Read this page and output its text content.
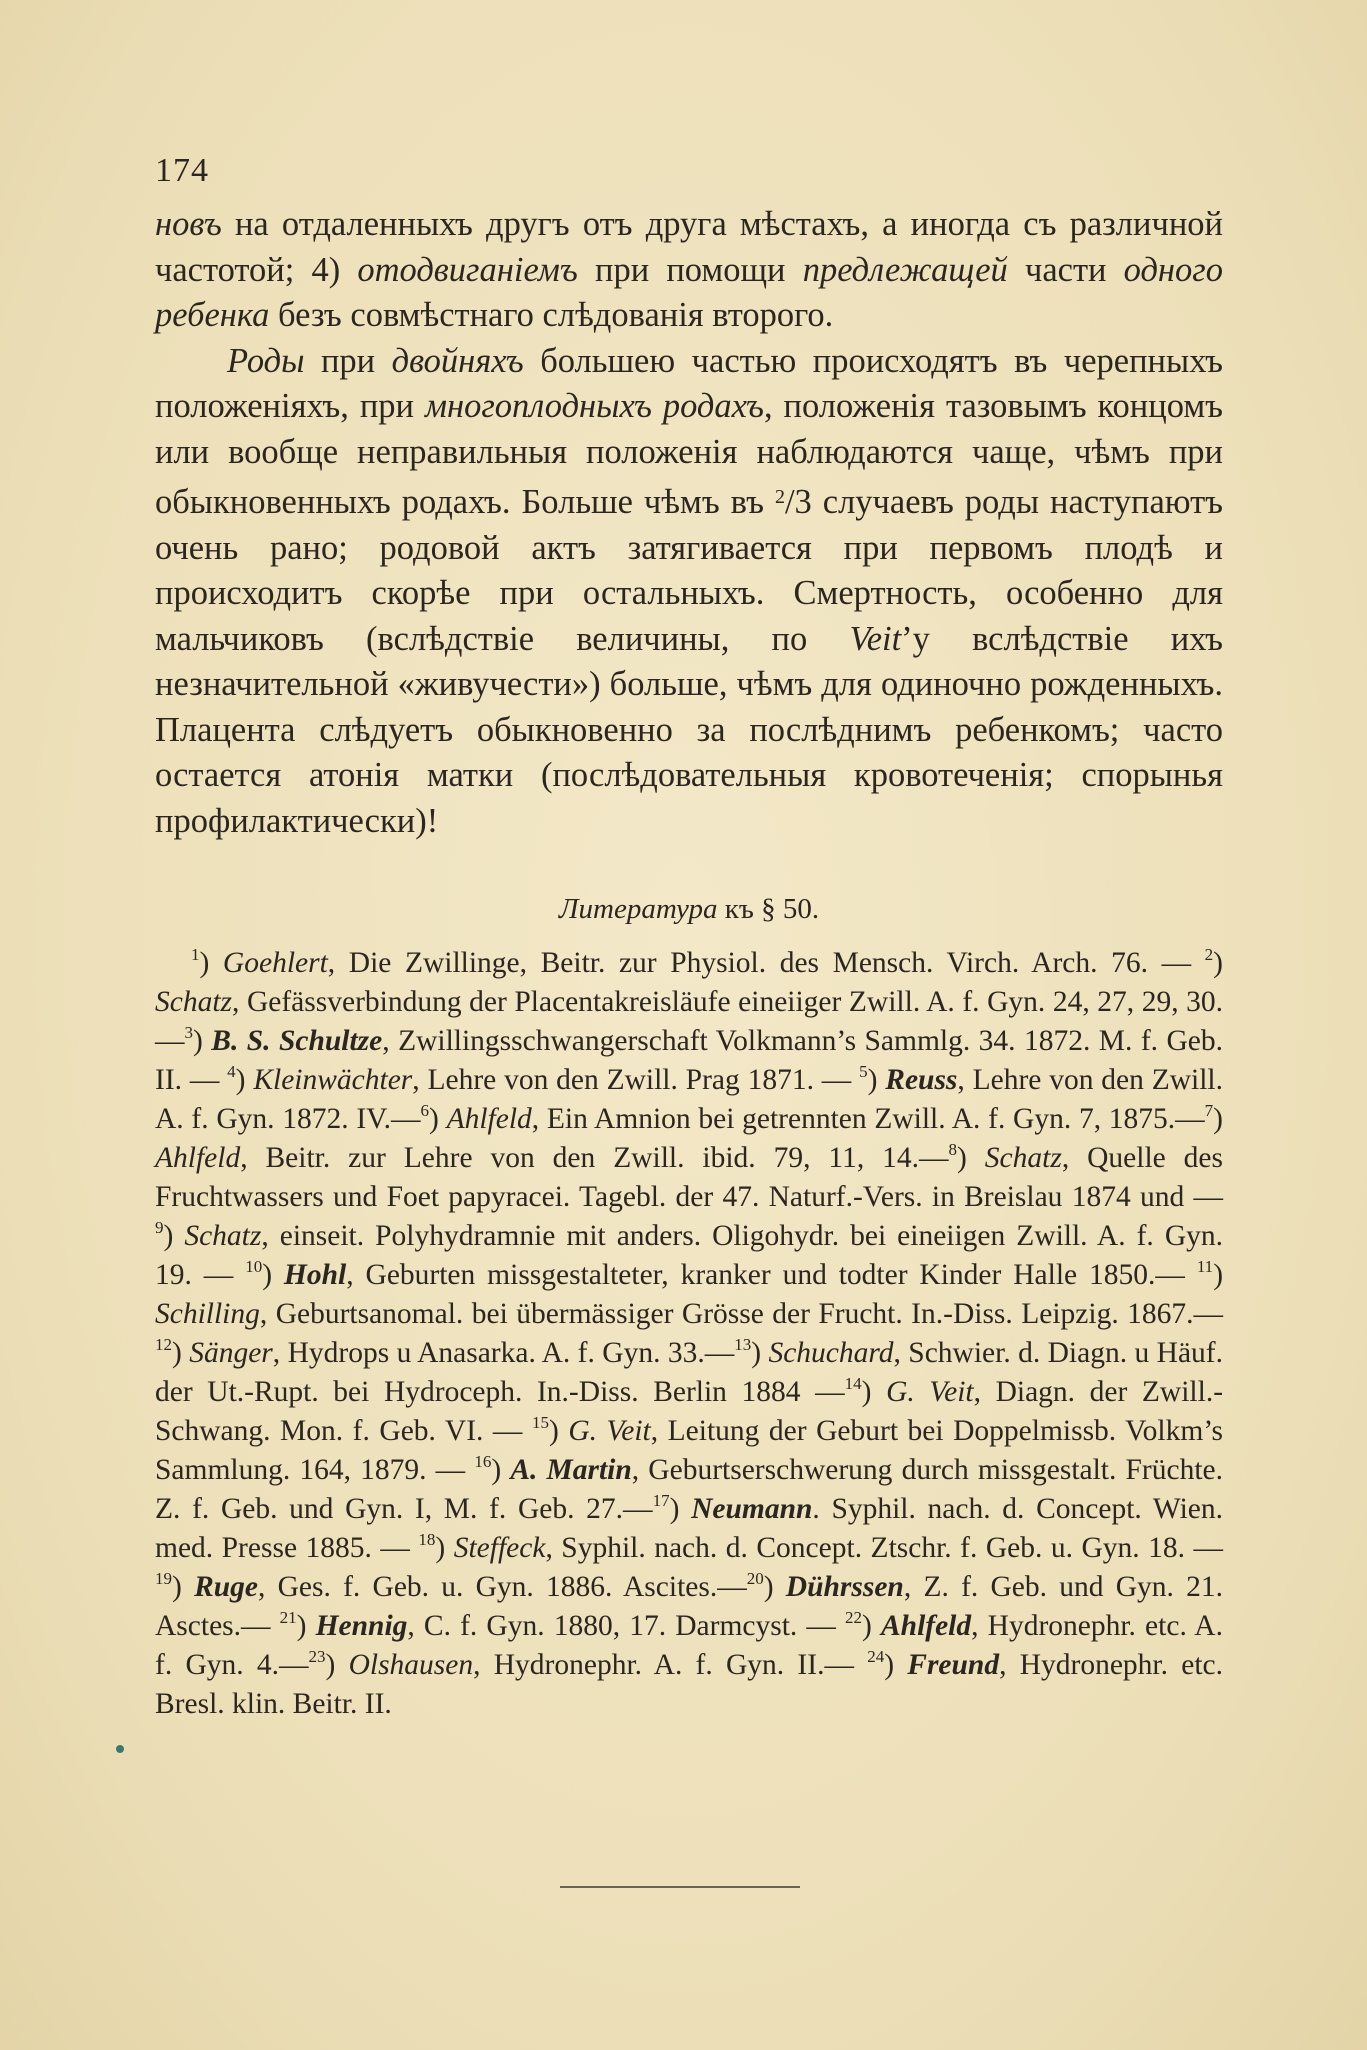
174

новъ на отдаленныхъ другъ отъ друга мѣстахъ, а иногда съ различной частотой; 4) отодвиганіемъ при помощи предлежащей части одного ребенка безъ совмѣстнаго слѣдованія второго.

Роды при двойняхъ большею частью происходятъ въ черепныхъ положеніяхъ, при многоплодныхъ родахъ, положенія тазовымъ концомъ или вообще неправильныя положенія наблюдаются чаще, чѣмъ при обыкновенныхъ родахъ. Больше чѣмъ въ $^2$/3 случаевъ роды наступаютъ очень рано; родовой актъ затягивается при первомъ плодѣ и происходитъ скорѣе при остальныхъ. Смертность, особенно для мальчиковъ (вслѣдствіе величины, по Veit’у вслѣдствіе ихъ незначительной «живучести») больше, чѣмъ для одиночно рожденныхъ. Плацента слѣдуетъ обыкновенно за послѣднимъ ребенкомъ; часто остается атонія матки (послѣдовательныя кровотеченія; спорынья профилактически)!

Литература къ § 50.

$^1$) Goehlert, Die Zwillinge, Beitr. zur Physiol. des Mensch. Virch. Arch. 76. — $^2$) Schatz, Gefässverbindung der Placentakreisläufe eineiiger Zwill. A. f. Gyn. 24, 27, 29, 30.—$^3$) B. S. Schultze, Zwillingsschwangerschaft Volkmann’s Sammlg. 34. 1872. M. f. Geb. II. — $^4$) Kleinwächter, Lehre von den Zwill. Prag 1871. — $^5$) Reuss, Lehre von den Zwill. A. f. Gyn. 1872. IV.—$^6$) Ahlfeld, Ein Amnion bei getrennten Zwill. A. f. Gyn. 7, 1875.—$^7$) Ahlfeld, Beitr. zur Lehre von den Zwill. ibid. 79, 11, 14.—$^8$) Schatz, Quelle des Fruchtwassers und Foet papyracei. Tagebl. der 47. Naturf.-Vers. in Breislau 1874 und — $^9$) Schatz, einseit. Polyhydramnie mit anders. Oligohydr. bei eineiigen Zwill. A. f. Gyn. 19. — $^{10}$) Hohl, Geburten missgestalteter, kranker und todter Kinder Halle 1850.— $^{11}$) Schilling, Geburtsanomal. bei übermässiger Grösse der Frucht. In.-Diss. Leipzig. 1867.—$^{12}$) Sänger, Hydrops u Anasarka. A. f. Gyn. 33.—$^{13}$) Schuchard, Schwier. d. Diagn. u Häuf. der Ut.-Rupt. bei Hydroceph. In.-Diss. Berlin 1884 —$^{14}$) G. Veit, Diagn. der Zwill.-Schwang. Mon. f. Geb. VI. — $^{15}$) G. Veit, Leitung der Geburt bei Doppelmissb. Volkm’s Sammlung. 164, 1879. — $^{16}$) A. Martin, Geburtserschwerung durch missgestalt. Früchte. Z. f. Geb. und Gyn. I, M. f. Geb. 27.—$^{17}$) Neumann. Syphil. nach. d. Concept. Wien. med. Presse 1885. — $^{18}$) Steffeck, Syphil. nach. d. Concept. Ztschr. f. Geb. u. Gyn. 18. — $^{19}$) Ruge, Ges. f. Geb. u. Gyn. 1886. Ascites.—$^{20}$) Dührssen, Z. f. Geb. und Gyn. 21. Asctes.— $^{21}$) Hennig, C. f. Gyn. 1880, 17. Darmcyst. — $^{22}$) Ahlfeld, Hydronephr. etc. A. f. Gyn. 4.—$^{23}$) Olshausen, Hydronephr. A. f. Gyn. II.— $^{24}$) Freund, Hydronephr. etc. Bresl. klin. Beitr. II.
